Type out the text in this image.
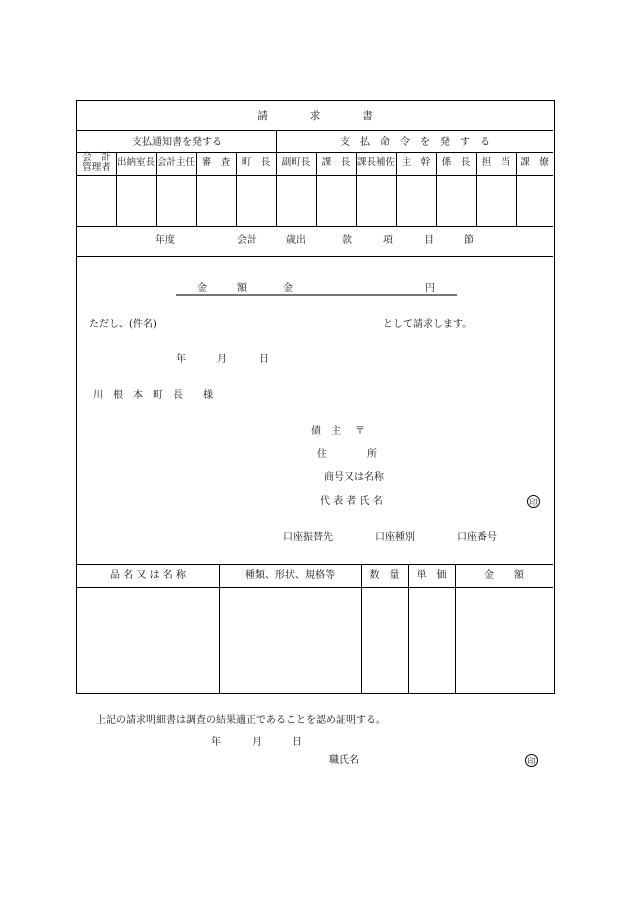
請　　　　求　　　　書
支払通知書を発する	支　払　命　令　を　発　す　る
会　計
管理者 出納室長 会計主任 審　査	町　長	副町長	課　長 課長補佐 主　幹	係　長	担　当	課　僚
年度	会計	歳出	款	項	目	節
金　　　額	金	円
ただし、(件名)	として請求します。
年	月	日
川　根　本　町　長　　様
債　主 〒
住　　　　所
商号又は名称
代 表 者 氏 名	印
口座振替先	口座種別	口座番号
品 名 又 は 名 称	種類、形状、規格等	数　量	単　価	金　　額
上記の請求明細書は調査の結果適正であることを認め証明する。
年	月	日
職氏名	印
